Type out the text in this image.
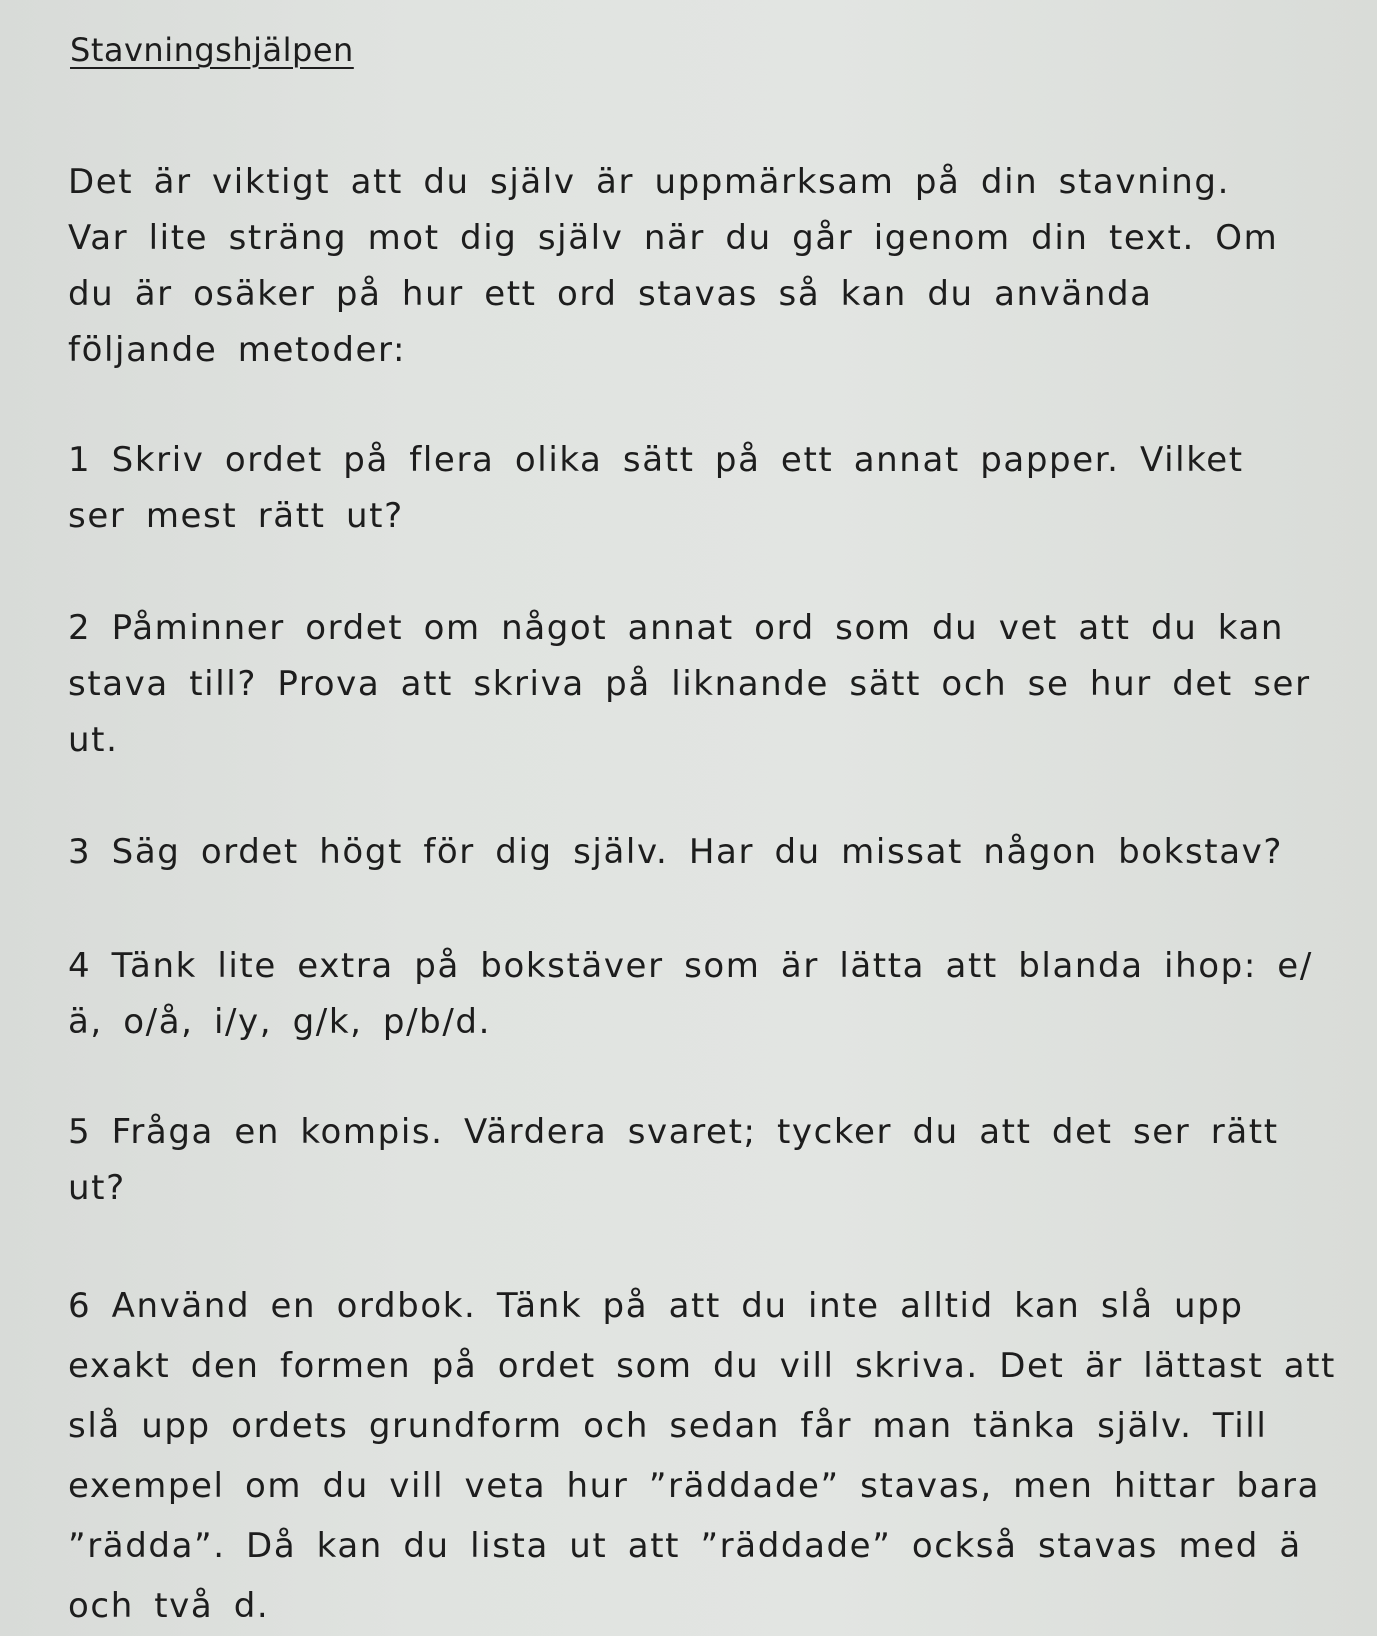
Stavningshjälpen

Det är viktigt att du själv är uppmärksam på din stavning. Var lite sträng mot dig själv när du går igenom din text. Om du är osäker på hur ett ord stavas så kan du använda följande metoder:

1 Skriv ordet på flera olika sätt på ett annat papper. Vilket ser mest rätt ut?

2 Påminner ordet om något annat ord som du vet att du kan stava till? Prova att skriva på liknande sätt och se hur det ser ut.

3 Säg ordet högt för dig själv. Har du missat någon bokstav?

4 Tänk lite extra på bokstäver som är lätta att blanda ihop: e/ä, o/å, i/y, g/k, p/b/d.

5 Fråga en kompis. Värdera svaret; tycker du att det ser rätt ut?

6 Använd en ordbok. Tänk på att du inte alltid kan slå upp exakt den formen på ordet som du vill skriva. Det är lättast att slå upp ordets grundform och sedan får man tänka själv. Till exempel om du vill veta hur ”räddade” stavas, men hittar bara ”rädda”. Då kan du lista ut att ”räddade” också stavas med ä och två d.
